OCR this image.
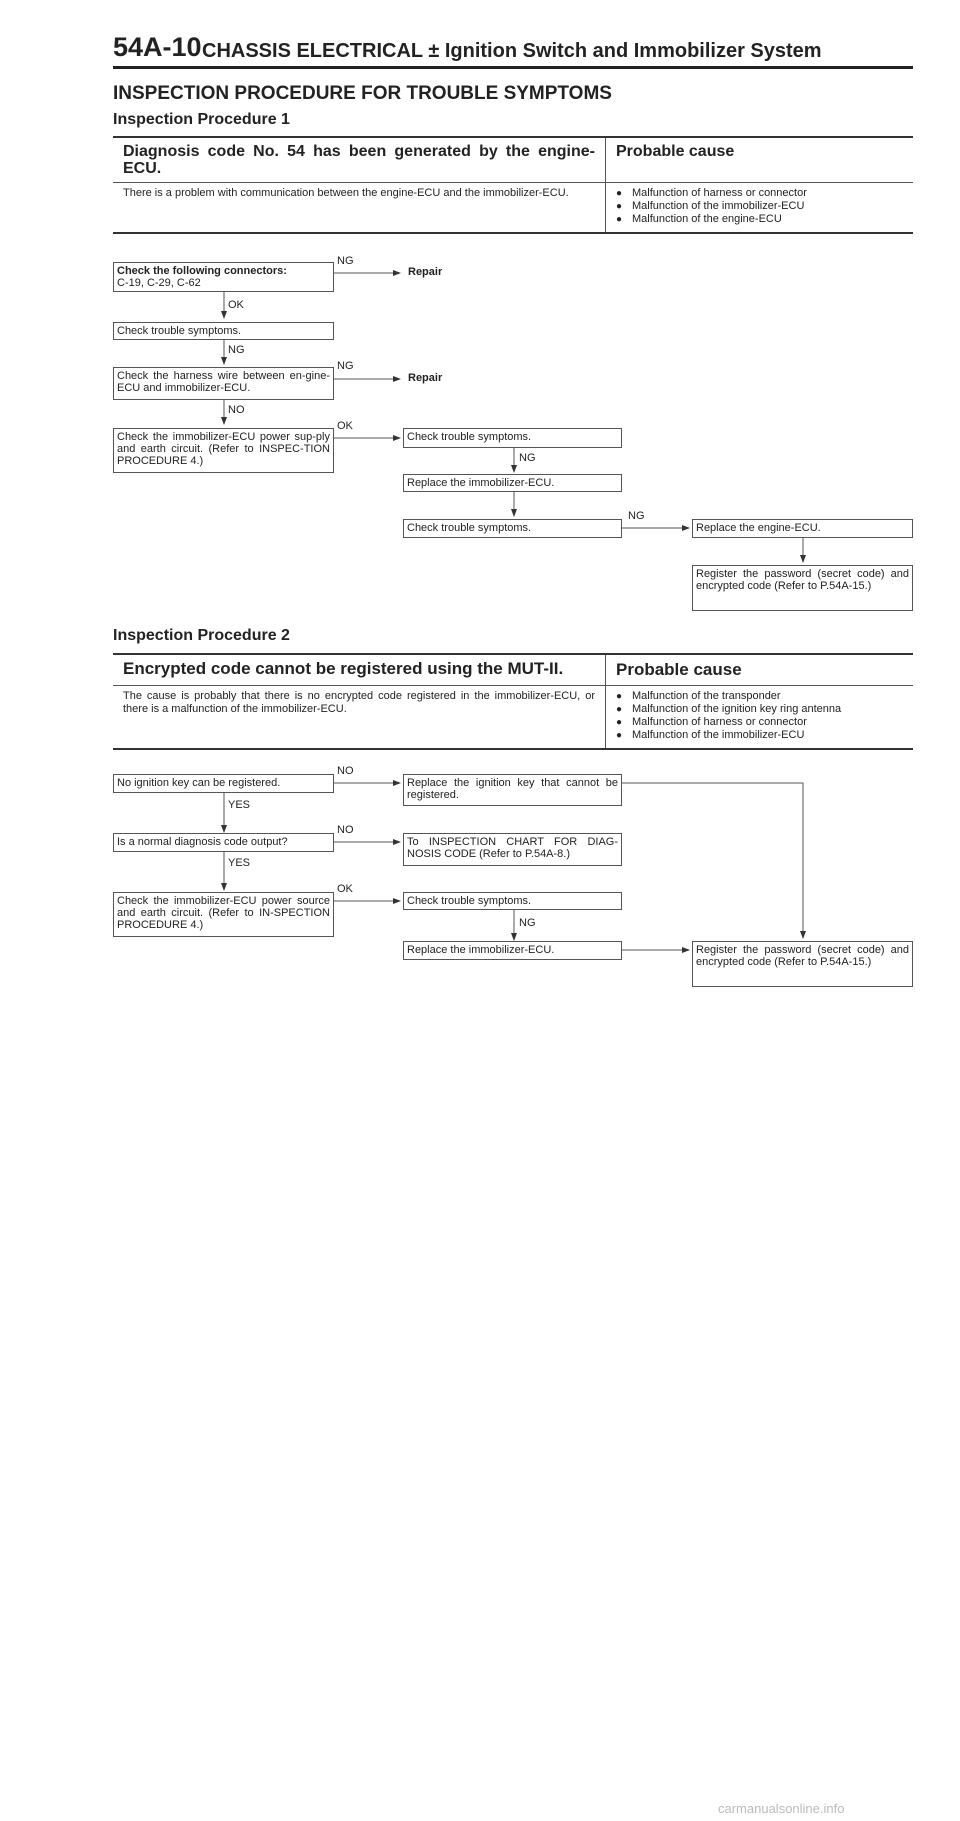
54A-10 CHASSIS ELECTRICAL ± Ignition Switch and Immobilizer System
INSPECTION PROCEDURE FOR TROUBLE SYMPTOMS
Inspection Procedure 1
Diagnosis code No. 54 has been generated by the engine-ECU.	Probable cause
There is a problem with communication between the engine-ECU and the immobilizer-ECU.	● Malfunction of harness or connector
● Malfunction of the immobilizer-ECU
● Malfunction of the engine-ECU
Check the following connectors:
C-19, C-29, C-62
NG
Repair
OK
Check trouble symptoms.
NG
Check the harness wire between en-gine-ECU and immobilizer-ECU.
NG
Repair
NO
Check the immobilizer-ECU power sup-ply and earth circuit. (Refer to INSPEC-TION PROCEDURE 4.)
OK
Check trouble symptoms.
NG
Replace the immobilizer-ECU.
Check trouble symptoms.
NG
Replace the engine-ECU.
Register the password (secret code) and encrypted code (Refer to P.54A-15.)
Inspection Procedure 2
Encrypted code cannot be registered using the MUT-II.	Probable cause
The cause is probably that there is no encrypted code registered in the immobilizer-ECU, or there is a malfunction of the immobilizer-ECU.	● Malfunction of the transponder
● Malfunction of the ignition key ring antenna
● Malfunction of harness or connector
● Malfunction of the immobilizer-ECU
No ignition key can be registered.
NO
Replace the ignition key that cannot be registered.
YES
Is a normal diagnosis code output?
NO
To INSPECTION CHART FOR DIAG-NOSIS CODE (Refer to P.54A-8.)
YES
Check the immobilizer-ECU power source and earth circuit. (Refer to IN-SPECTION PROCEDURE 4.)
OK
Check trouble symptoms.
NG
Replace the immobilizer-ECU.	Register the password (secret code) and encrypted code (Refer to P.54A-15.)
carmanualsonline.info
